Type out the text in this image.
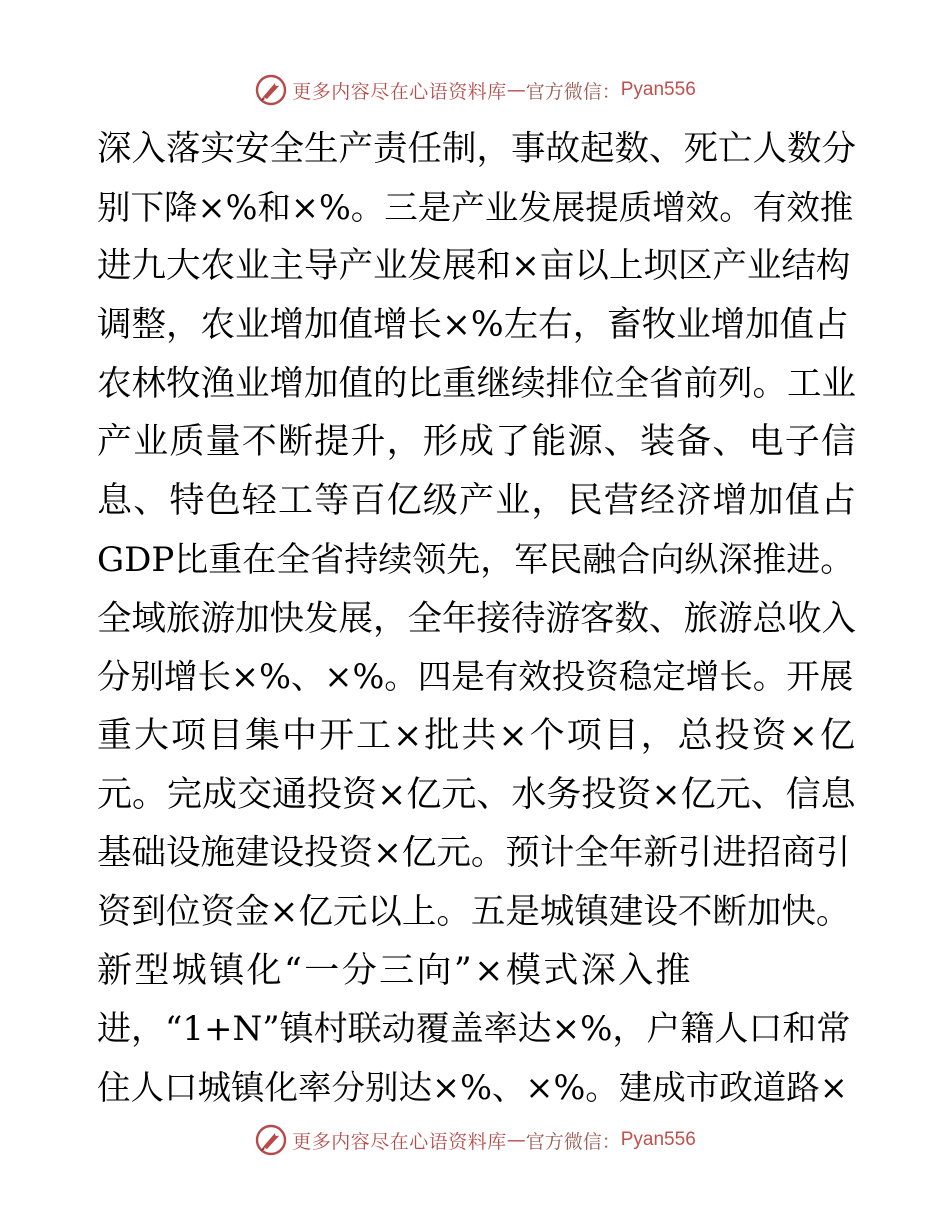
更多内容尽在心语资料库 — 官方微信： Pyan556
深入落实安全生产责任制，事故起数、死亡人数分
别下降×%和×%。三是产业发展提质增效。有效推
进九大农业主导产业发展和×亩以上坝区产业结构
调整，农业增加值增长×%左右，畜牧业增加值占
农林牧渔业增加值的比重继续排位全省前列。工业
产业质量不断提升，形成了能源、装备、电子信
息、特色轻工等百亿级产业，民营经济增加值占
GDP比重在全省持续领先，军民融合向纵深推进。
全域旅游加快发展，全年接待游客数、旅游总收入
分别增长×%、×%。四是有效投资稳定增长。开展
重大项目集中开工×批共×个项目，总投资×亿
元。完成交通投资×亿元、水务投资×亿元、信息
基础设施建设投资×亿元。预计全年新引进招商引
资到位资金×亿元以上。五是城镇建设不断加快。
新型城镇化“一分三向”×模式深入推
进，“1+N”镇村联动覆盖率达×%，户籍人口和常
住人口城镇化率分别达×%、×%。建成市政道路×
更多内容尽在心语资料库 — 官方微信： Pyan556
